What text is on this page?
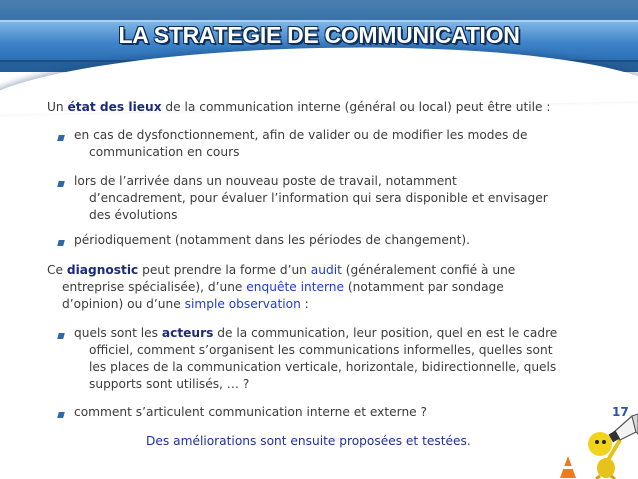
LA STRATEGIE DE COMMUNICATION
Un état des lieux de la communication interne (général ou local) peut être utile :
en cas de dysfonctionnement, afin de valider ou de modifier les modes de
communication en cours
lors de l’arrivée dans un nouveau poste de travail, notamment
d’encadrement, pour évaluer l’information qui sera disponible et envisager
des évolutions
périodiquement (notamment dans les périodes de changement).
Ce diagnostic peut prendre la forme d’un audit (généralement confié à une
entreprise spécialisée), d’une enquête interne (notamment par sondage
d’opinion) ou d’une simple observation :
quels sont les acteurs de la communication, leur position, quel en est le cadre
officiel, comment s’organisent les communications informelles, quelles sont
les places de la communication verticale, horizontale, bidirectionnelle, quels
supports sont utilisés, … ?
comment s’articulent communication interne et externe ?
Des améliorations sont ensuite proposées et testées.
17
